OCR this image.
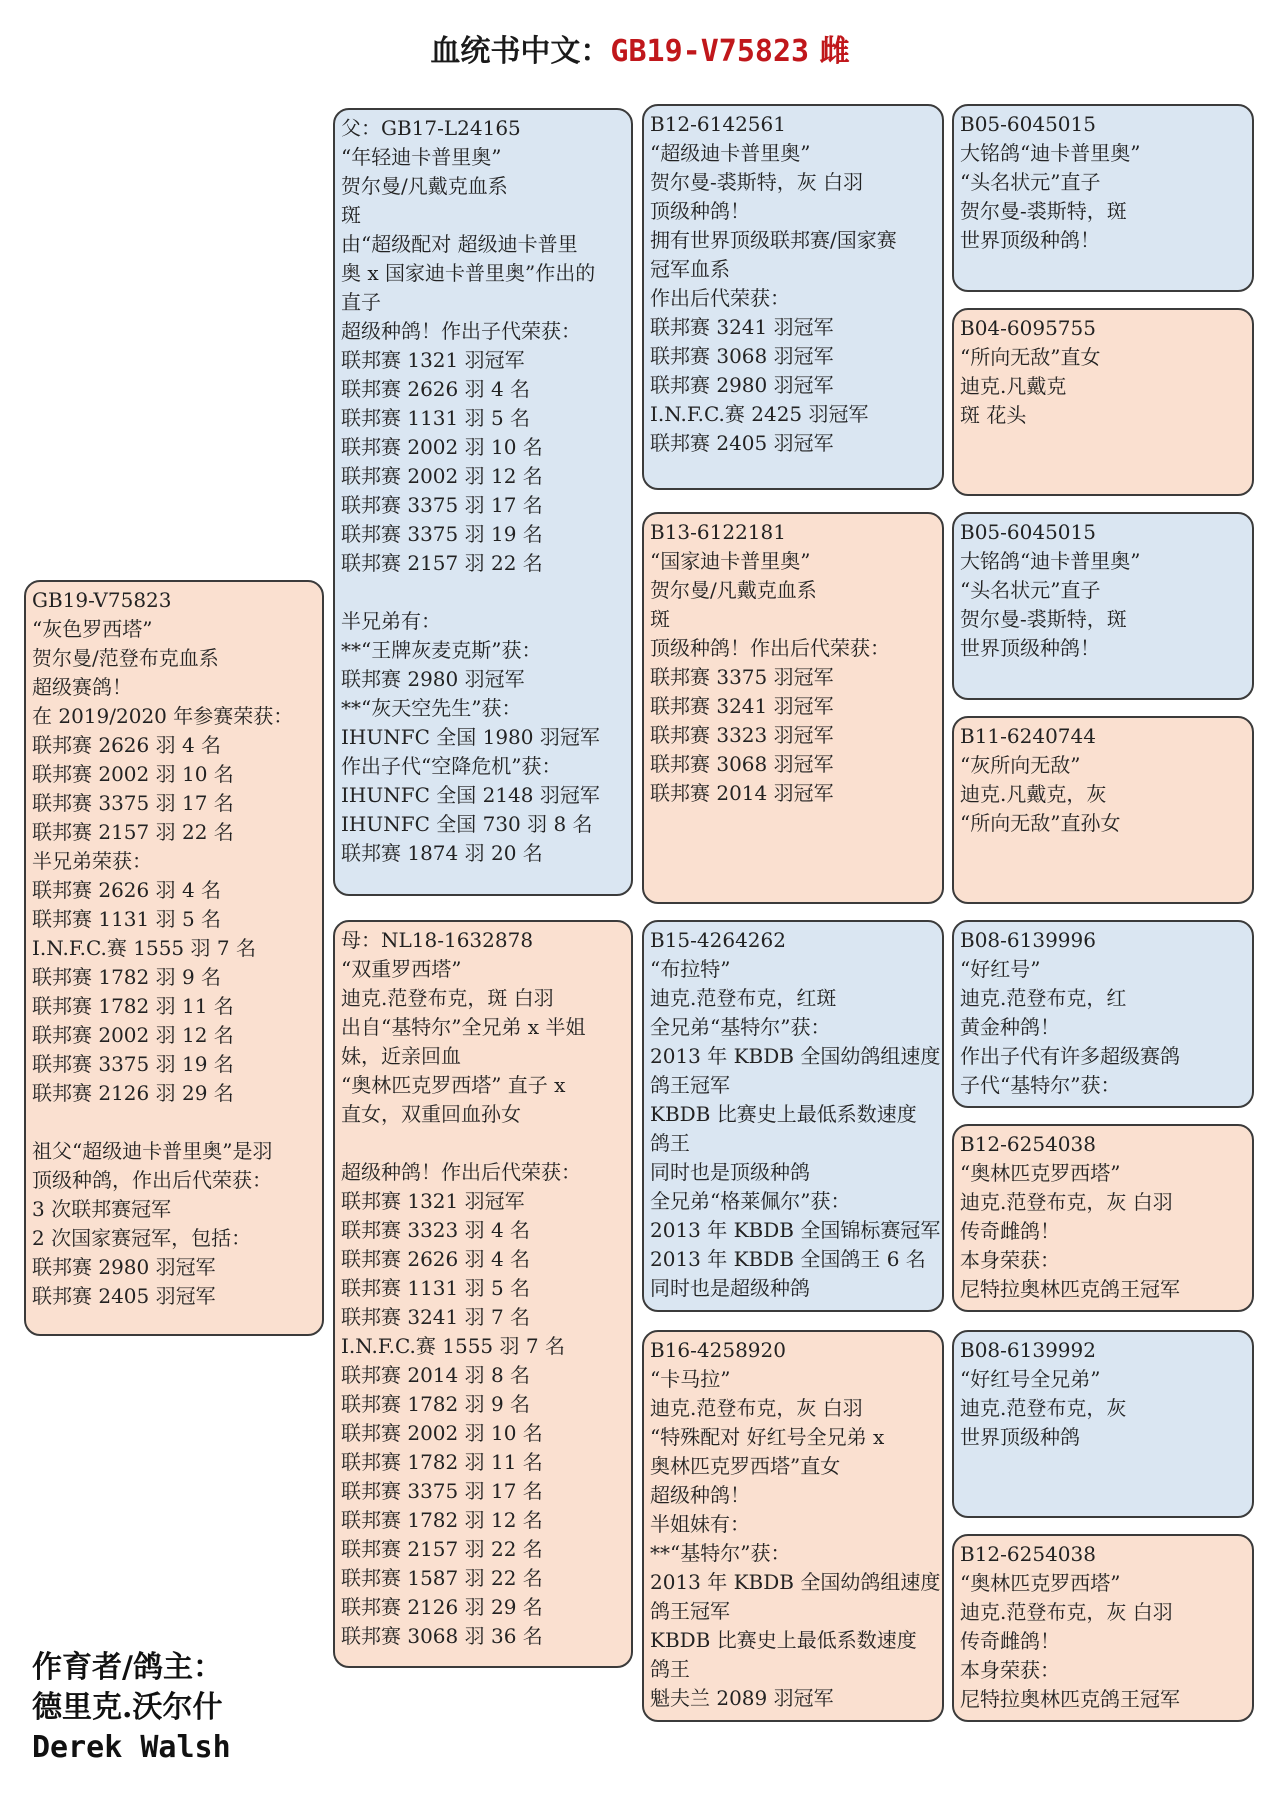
血统书中文：GB19-V75823 雌
GB19-V75823
“灰色罗西塔”
贺尔曼/范登布克血系
超级赛鸽！
在 2019/2020 年参赛荣获：
联邦赛 2626 羽 4 名
联邦赛 2002 羽 10 名
联邦赛 3375 羽 17 名
联邦赛 2157 羽 22 名
半兄弟荣获：
联邦赛 2626 羽 4 名
联邦赛 1131 羽 5 名
I.N.F.C.赛 1555 羽 7 名
联邦赛 1782 羽 9 名
联邦赛 1782 羽 11 名
联邦赛 2002 羽 12 名
联邦赛 3375 羽 19 名
联邦赛 2126 羽 29 名
祖父“超级迪卡普里奥”是羽
顶级种鸽，作出后代荣获：
3 次联邦赛冠军
2 次国家赛冠军，包括：
联邦赛 2980 羽冠军
联邦赛 2405 羽冠军
父：GB17-L24165
“年轻迪卡普里奥”
贺尔曼/凡戴克血系
斑
由“超级配对 超级迪卡普里
奥 x 国家迪卡普里奥”作出的
直子
超级种鸽！作出子代荣获：
联邦赛 1321 羽冠军
联邦赛 2626 羽 4 名
联邦赛 1131 羽 5 名
联邦赛 2002 羽 10 名
联邦赛 2002 羽 12 名
联邦赛 3375 羽 17 名
联邦赛 3375 羽 19 名
联邦赛 2157 羽 22 名
半兄弟有：
**“王牌灰麦克斯”获：
联邦赛 2980 羽冠军
**“灰天空先生”获：
IHUNFC 全国 1980 羽冠军
作出子代“空降危机”获：
IHUNFC 全国 2148 羽冠军
IHUNFC 全国 730 羽 8 名
联邦赛 1874 羽 20 名
母：NL18-1632878
“双重罗西塔”
迪克.范登布克，斑 白羽
出自“基特尔”全兄弟 x 半姐
妹，近亲回血
“奥林匹克罗西塔” 直子 x
直女，双重回血孙女
超级种鸽！作出后代荣获：
联邦赛 1321 羽冠军
联邦赛 3323 羽 4 名
联邦赛 2626 羽 4 名
联邦赛 1131 羽 5 名
联邦赛 3241 羽 7 名
I.N.F.C.赛 1555 羽 7 名
联邦赛 2014 羽 8 名
联邦赛 1782 羽 9 名
联邦赛 2002 羽 10 名
联邦赛 1782 羽 11 名
联邦赛 3375 羽 17 名
联邦赛 1782 羽 12 名
联邦赛 2157 羽 22 名
联邦赛 1587 羽 22 名
联邦赛 2126 羽 29 名
联邦赛 3068 羽 36 名
B12-6142561
“超级迪卡普里奥”
贺尔曼-裘斯特，灰 白羽
顶级种鸽！
拥有世界顶级联邦赛/国家赛
冠军血系
作出后代荣获：
联邦赛 3241 羽冠军
联邦赛 3068 羽冠军
联邦赛 2980 羽冠军
I.N.F.C.赛 2425 羽冠军
联邦赛 2405 羽冠军
B13-6122181
“国家迪卡普里奥”
贺尔曼/凡戴克血系
斑
顶级种鸽！作出后代荣获：
联邦赛 3375 羽冠军
联邦赛 3241 羽冠军
联邦赛 3323 羽冠军
联邦赛 3068 羽冠军
联邦赛 2014 羽冠军
B15-4264262
“布拉特”
迪克.范登布克，红斑
全兄弟“基特尔”获：
2013 年 KBDB 全国幼鸽组速度
鸽王冠军
KBDB 比赛史上最低系数速度
鸽王
同时也是顶级种鸽
全兄弟“格莱佩尔”获：
2013 年 KBDB 全国锦标赛冠军
2013 年 KBDB 全国鸽王 6 名
同时也是超级种鸽
B16-4258920
“卡马拉”
迪克.范登布克，灰 白羽
“特殊配对 好红号全兄弟 x
奥林匹克罗西塔”直女
超级种鸽！
半姐妹有：
**“基特尔”获：
2013 年 KBDB 全国幼鸽组速度
鸽王冠军
KBDB 比赛史上最低系数速度
鸽王
魁夫兰 2089 羽冠军
B05-6045015
大铭鸽“迪卡普里奥”
“头名状元”直子
贺尔曼-裘斯特，斑
世界顶级种鸽！
B04-6095755
“所向无敌”直女
迪克.凡戴克
斑 花头
B05-6045015
大铭鸽“迪卡普里奥”
“头名状元”直子
贺尔曼-裘斯特，斑
世界顶级种鸽！
B11-6240744
“灰所向无敌”
迪克.凡戴克，灰
“所向无敌”直孙女
B08-6139996
“好红号”
迪克.范登布克，红
黄金种鸽！
作出子代有许多超级赛鸽
子代“基特尔”获：
B12-6254038
“奥林匹克罗西塔”
迪克.范登布克，灰 白羽
传奇雌鸽！
本身荣获：
尼特拉奥林匹克鸽王冠军
B08-6139992
“好红号全兄弟”
迪克.范登布克，灰
世界顶级种鸽
B12-6254038
“奥林匹克罗西塔”
迪克.范登布克，灰 白羽
传奇雌鸽！
本身荣获：
尼特拉奥林匹克鸽王冠军
作育者/鸽主：
德里克.沃尔什
Derek Walsh
